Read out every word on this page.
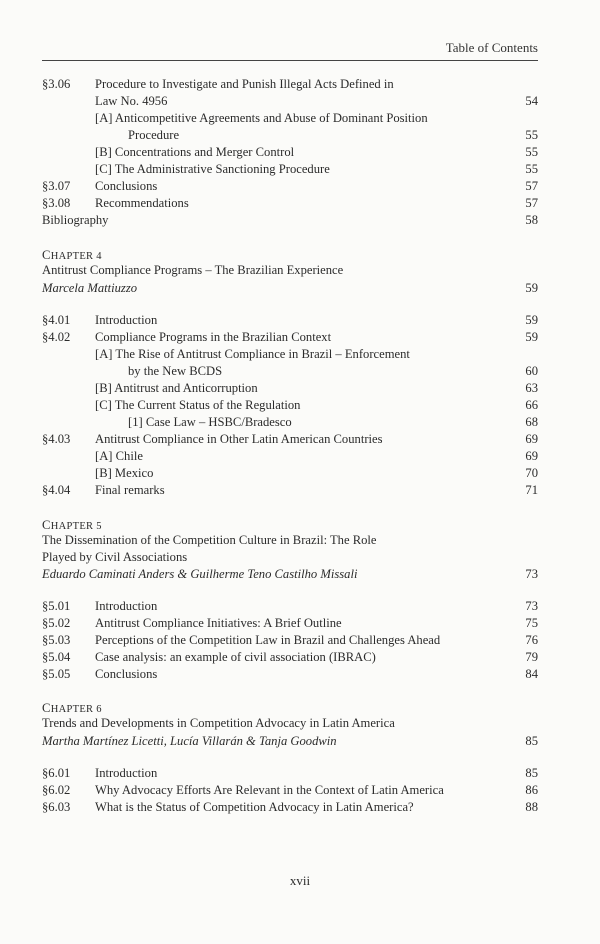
Table of Contents
§3.06 Procedure to Investigate and Punish Illegal Acts Defined in
Law No. 4956	54
[A] Anticompetitive Agreements and Abuse of Dominant Position
Procedure	55
[B] Concentrations and Merger Control	55
[C] The Administrative Sanctioning Procedure	55
§3.07 Conclusions	57
§3.08 Recommendations	57
Bibliography	58
CHAPTER 4
Antitrust Compliance Programs – The Brazilian Experience
Marcela Mattiuzzo	59
§4.01 Introduction	59
§4.02 Compliance Programs in the Brazilian Context	59
[A] The Rise of Antitrust Compliance in Brazil – Enforcement
by the New BCDS	60
[B] Antitrust and Anticorruption	63
[C] The Current Status of the Regulation	66
[1] Case Law – HSBC/Bradesco	68
§4.03 Antitrust Compliance in Other Latin American Countries	69
[A] Chile	69
[B] Mexico	70
§4.04 Final remarks	71
CHAPTER 5
The Dissemination of the Competition Culture in Brazil: The Role
Played by Civil Associations
Eduardo Caminati Anders & Guilherme Teno Castilho Missali	73
§5.01 Introduction	73
§5.02 Antitrust Compliance Initiatives: A Brief Outline	75
§5.03 Perceptions of the Competition Law in Brazil and Challenges Ahead	76
§5.04 Case analysis: an example of civil association (IBRAC)	79
§5.05 Conclusions	84
CHAPTER 6
Trends and Developments in Competition Advocacy in Latin America
Martha Martínez Licetti, Lucía Villarán & Tanja Goodwin	85
§6.01 Introduction	85
§6.02 Why Advocacy Efforts Are Relevant in the Context of Latin America	86
§6.03 What is the Status of Competition Advocacy in Latin America?	88
xvii
